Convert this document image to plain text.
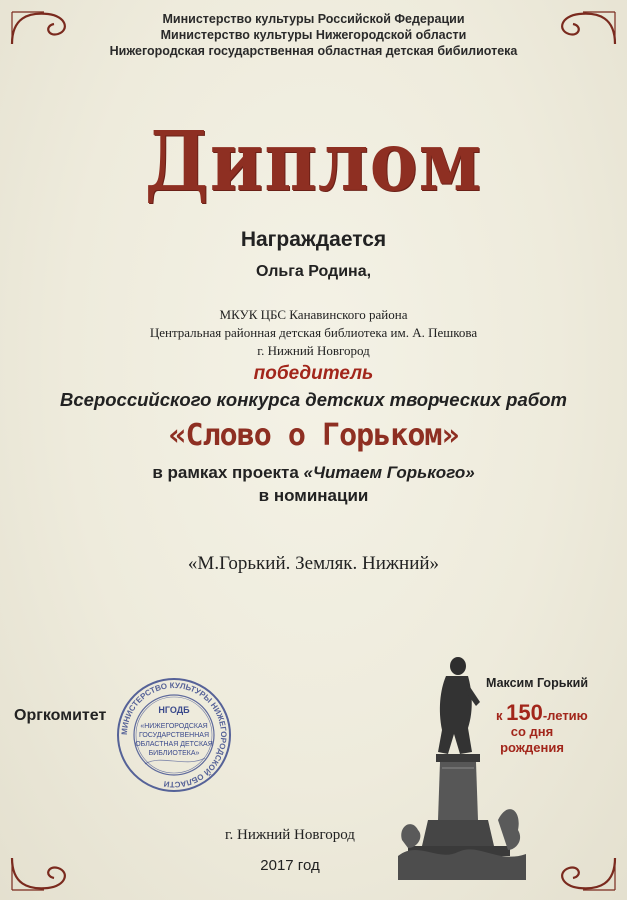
Министерство культуры Российской Федерации
Министерство культуры Нижегородской области
Нижегородская государственная областная детская бибилиотека
Диплом
Награждается
Ольга Родина,
МКУК ЦБС Канавинского района
Центральная районная детская библиотека им. А. Пешкова
г. Нижний Новгород
победитель
Всероссийского конкурса детских творческих работ
«Слово о Горьком»
в рамках проекта «Читаем Горького»
в номинации
«М.Горький. Земляк. Нижний»
Оргкомитет
МИНИСТЕРСТВО КУЛЬТУРЫ НИЖЕГОРОДСКОЙ ОБЛАСТИ
НГОДБ
«НИЖЕГОРОДСКАЯ
ГОСУДАРСТВЕННАЯ
ОБЛАСТНАЯ ДЕТСКАЯ
БИБЛИОТЕКА»
Максим Горький
к 150-летию
со дня
рождения
г. Нижний Новгород
2017 год
